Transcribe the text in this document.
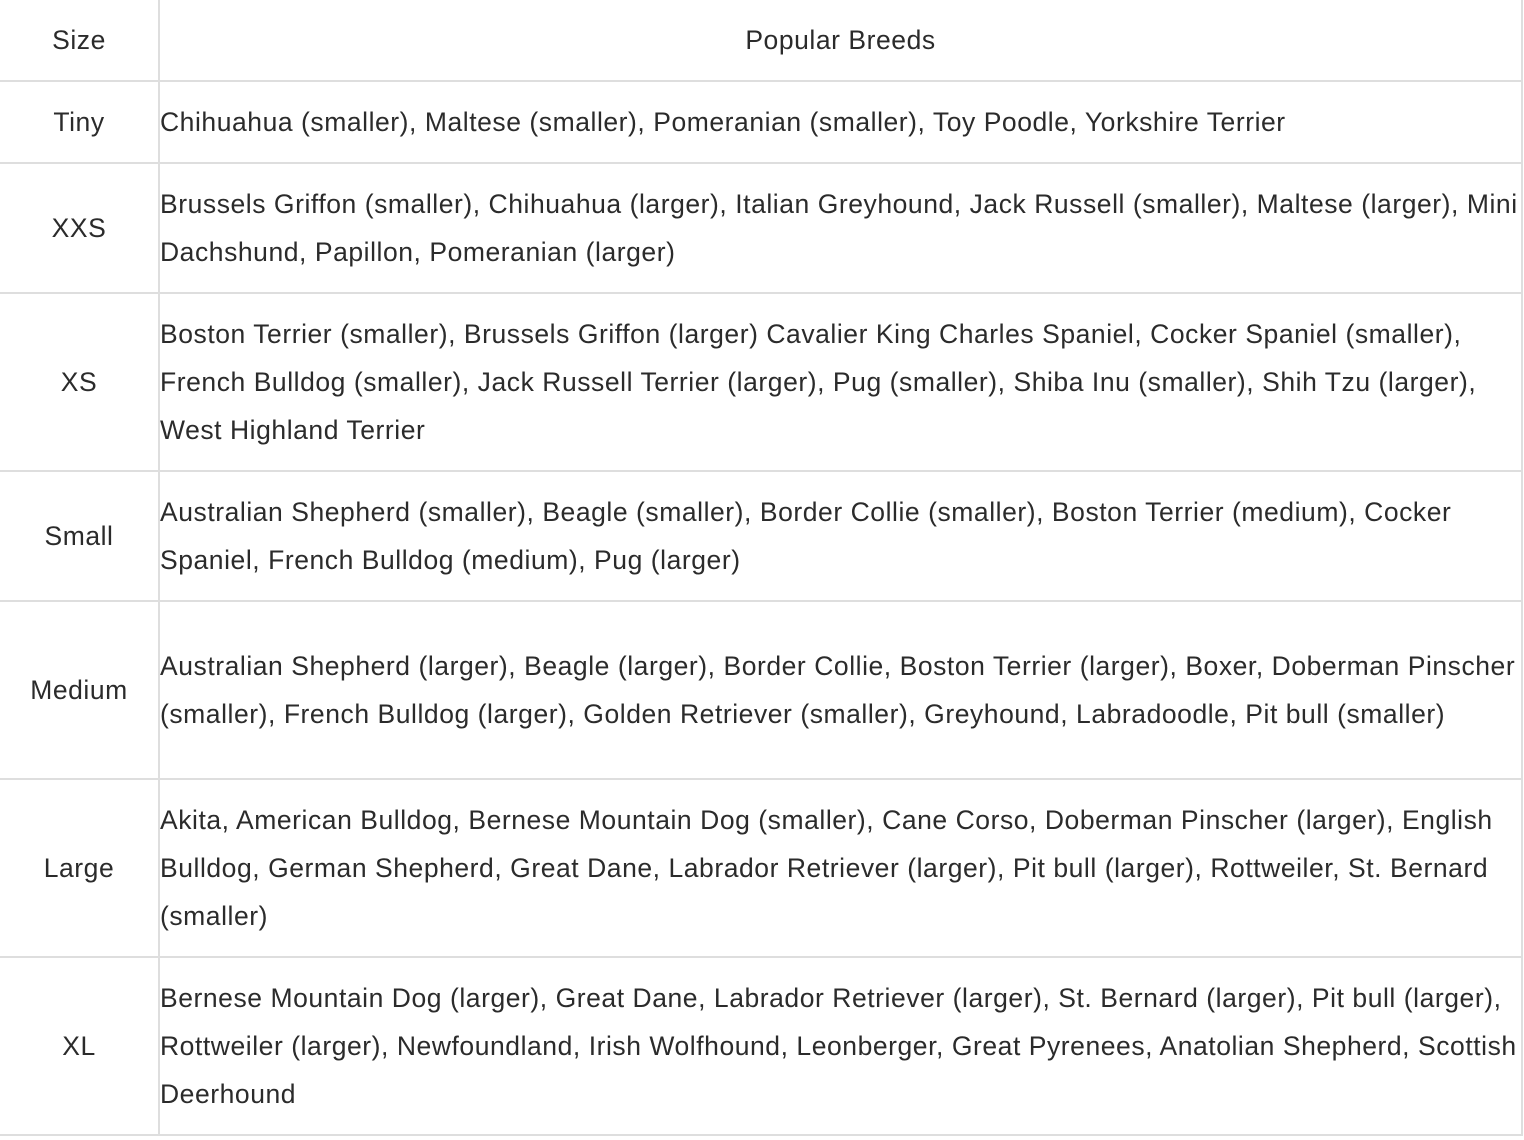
Size	Popular Breeds
Tiny	Chihuahua (smaller), Maltese (smaller), Pomeranian (smaller), Toy Poodle, Yorkshire Terrier
XXS	Brussels Griffon (smaller), Chihuahua (larger), Italian Greyhound, Jack Russell (smaller), Maltese (larger), Mini Dachshund, Papillon, Pomeranian (larger)
XS	Boston Terrier (smaller), Brussels Griffon (larger) Cavalier King Charles Spaniel, Cocker Spaniel (smaller), French Bulldog (smaller), Jack Russell Terrier (larger), Pug (smaller), Shiba Inu (smaller), Shih Tzu (larger), West Highland Terrier
Small	Australian Shepherd (smaller), Beagle (smaller), Border Collie (smaller), Boston Terrier (medium), Cocker Spaniel, French Bulldog (medium), Pug (larger)
Medium	Australian Shepherd (larger), Beagle (larger), Border Collie, Boston Terrier (larger), Boxer, Doberman Pinscher (smaller), French Bulldog (larger), Golden Retriever (smaller), Greyhound, Labradoodle, Pit bull (smaller)
Large	Akita, American Bulldog, Bernese Mountain Dog (smaller), Cane Corso, Doberman Pinscher (larger), English Bulldog, German Shepherd, Great Dane, Labrador Retriever (larger), Pit bull (larger), Rottweiler, St. Bernard (smaller)
XL	Bernese Mountain Dog (larger), Great Dane, Labrador Retriever (larger), St. Bernard (larger), Pit bull (larger), Rottweiler (larger), Newfoundland, Irish Wolfhound, Leonberger, Great Pyrenees, Anatolian Shepherd, Scottish Deerhound
